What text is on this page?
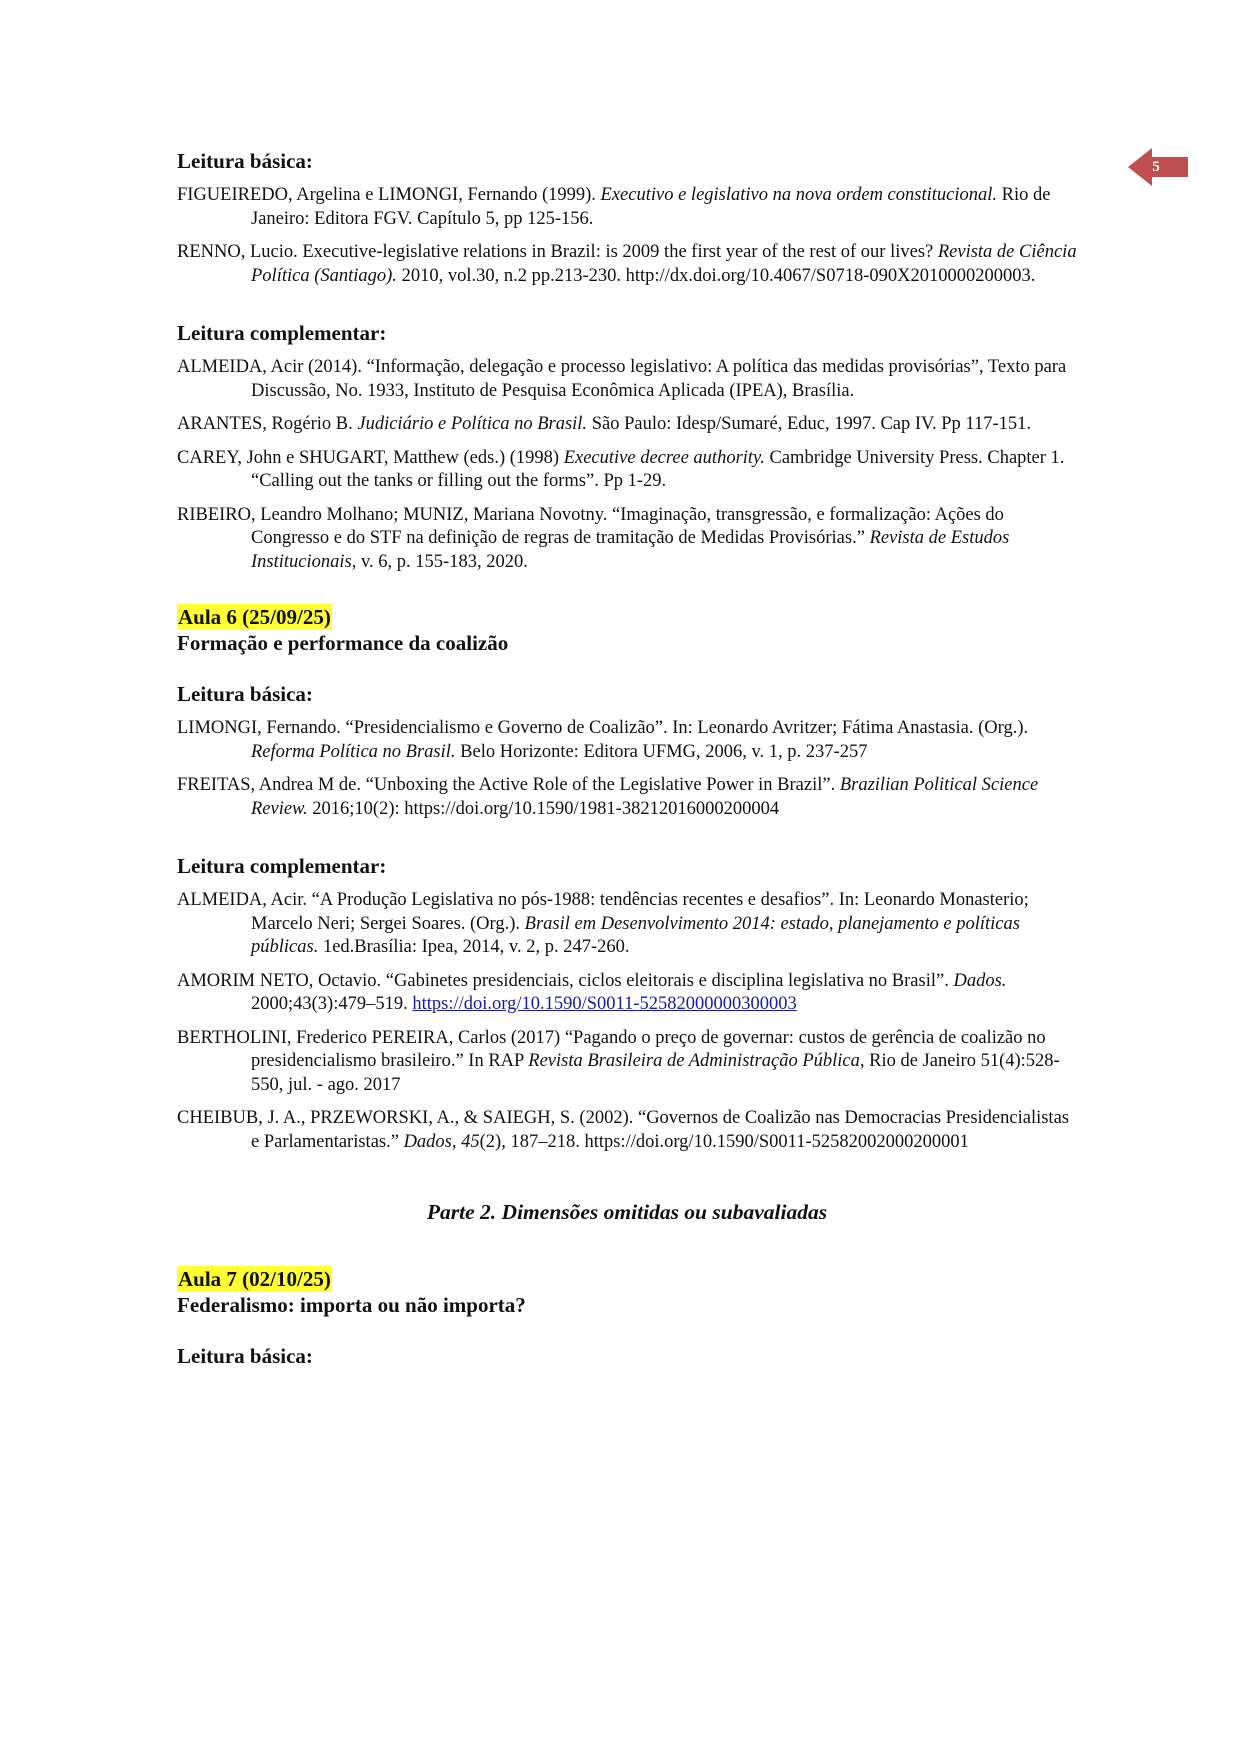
5

Leitura básica:

FIGUEIREDO, Argelina e LIMONGI, Fernando (1999). Executivo e legislativo na nova ordem constitucional. Rio de Janeiro: Editora FGV. Capítulo 5, pp 125-156.

RENNO, Lucio. Executive-legislative relations in Brazil: is 2009 the first year of the rest of our lives? Revista de Ciência Política (Santiago). 2010, vol.30, n.2 pp.213-230. http://dx.doi.org/10.4067/S0718-090X2010000200003.

Leitura complementar:

ALMEIDA, Acir (2014). “Informação, delegação e processo legislativo: A política das medidas provisórias”, Texto para Discussão, No. 1933, Instituto de Pesquisa Econômica Aplicada (IPEA), Brasília.

ARANTES, Rogério B. Judiciário e Política no Brasil. São Paulo: Idesp/Sumaré, Educ, 1997. Cap IV. Pp 117-151.

CAREY, John e SHUGART, Matthew (eds.) (1998) Executive decree authority. Cambridge University Press. Chapter 1. “Calling out the tanks or filling out the forms”. Pp 1-29.

RIBEIRO, Leandro Molhano; MUNIZ, Mariana Novotny. “Imaginação, transgressão, e formalização: Ações do Congresso e do STF na definição de regras de tramitação de Medidas Provisórias.” Revista de Estudos Institucionais, v. 6, p. 155-183, 2020.

Aula 6 (25/09/25)

Formação e performance da coalizão

Leitura básica:

LIMONGI, Fernando. “Presidencialismo e Governo de Coalizão”. In: Leonardo Avritzer; Fátima Anastasia. (Org.). Reforma Política no Brasil. Belo Horizonte: Editora UFMG, 2006, v. 1, p. 237-257

FREITAS, Andrea M de. “Unboxing the Active Role of the Legislative Power in Brazil”. Brazilian Political Science Review. 2016;10(2): https://doi.org/10.1590/1981-38212016000200004

Leitura complementar:

ALMEIDA, Acir. “A Produção Legislativa no pós-1988: tendências recentes e desafios”. In: Leonardo Monasterio; Marcelo Neri; Sergei Soares. (Org.). Brasil em Desenvolvimento 2014: estado, planejamento e políticas públicas. 1ed.Brasília: Ipea, 2014, v. 2, p. 247-260.

AMORIM NETO, Octavio. “Gabinetes presidenciais, ciclos eleitorais e disciplina legislativa no Brasil”. Dados. 2000;43(3):479–519. https://doi.org/10.1590/S0011-52582000000300003

BERTHOLINI, Frederico PEREIRA, Carlos (2017) “Pagando o preço de governar: custos de gerência de coalizão no presidencialismo brasileiro.” In RAP Revista Brasileira de Administração Pública, Rio de Janeiro 51(4):528-550, jul. - ago. 2017

CHEIBUB, J. A., PRZEWORSKI, A., & SAIEGH, S. (2002). “Governos de Coalizão nas Democracias Presidencialistas e Parlamentaristas.” Dados, 45(2), 187–218. https://doi.org/10.1590/S0011-52582002000200001

Parte 2. Dimensões omitidas ou subavaliadas

Aula 7 (02/10/25)

Federalismo: importa ou não importa?

Leitura básica:
